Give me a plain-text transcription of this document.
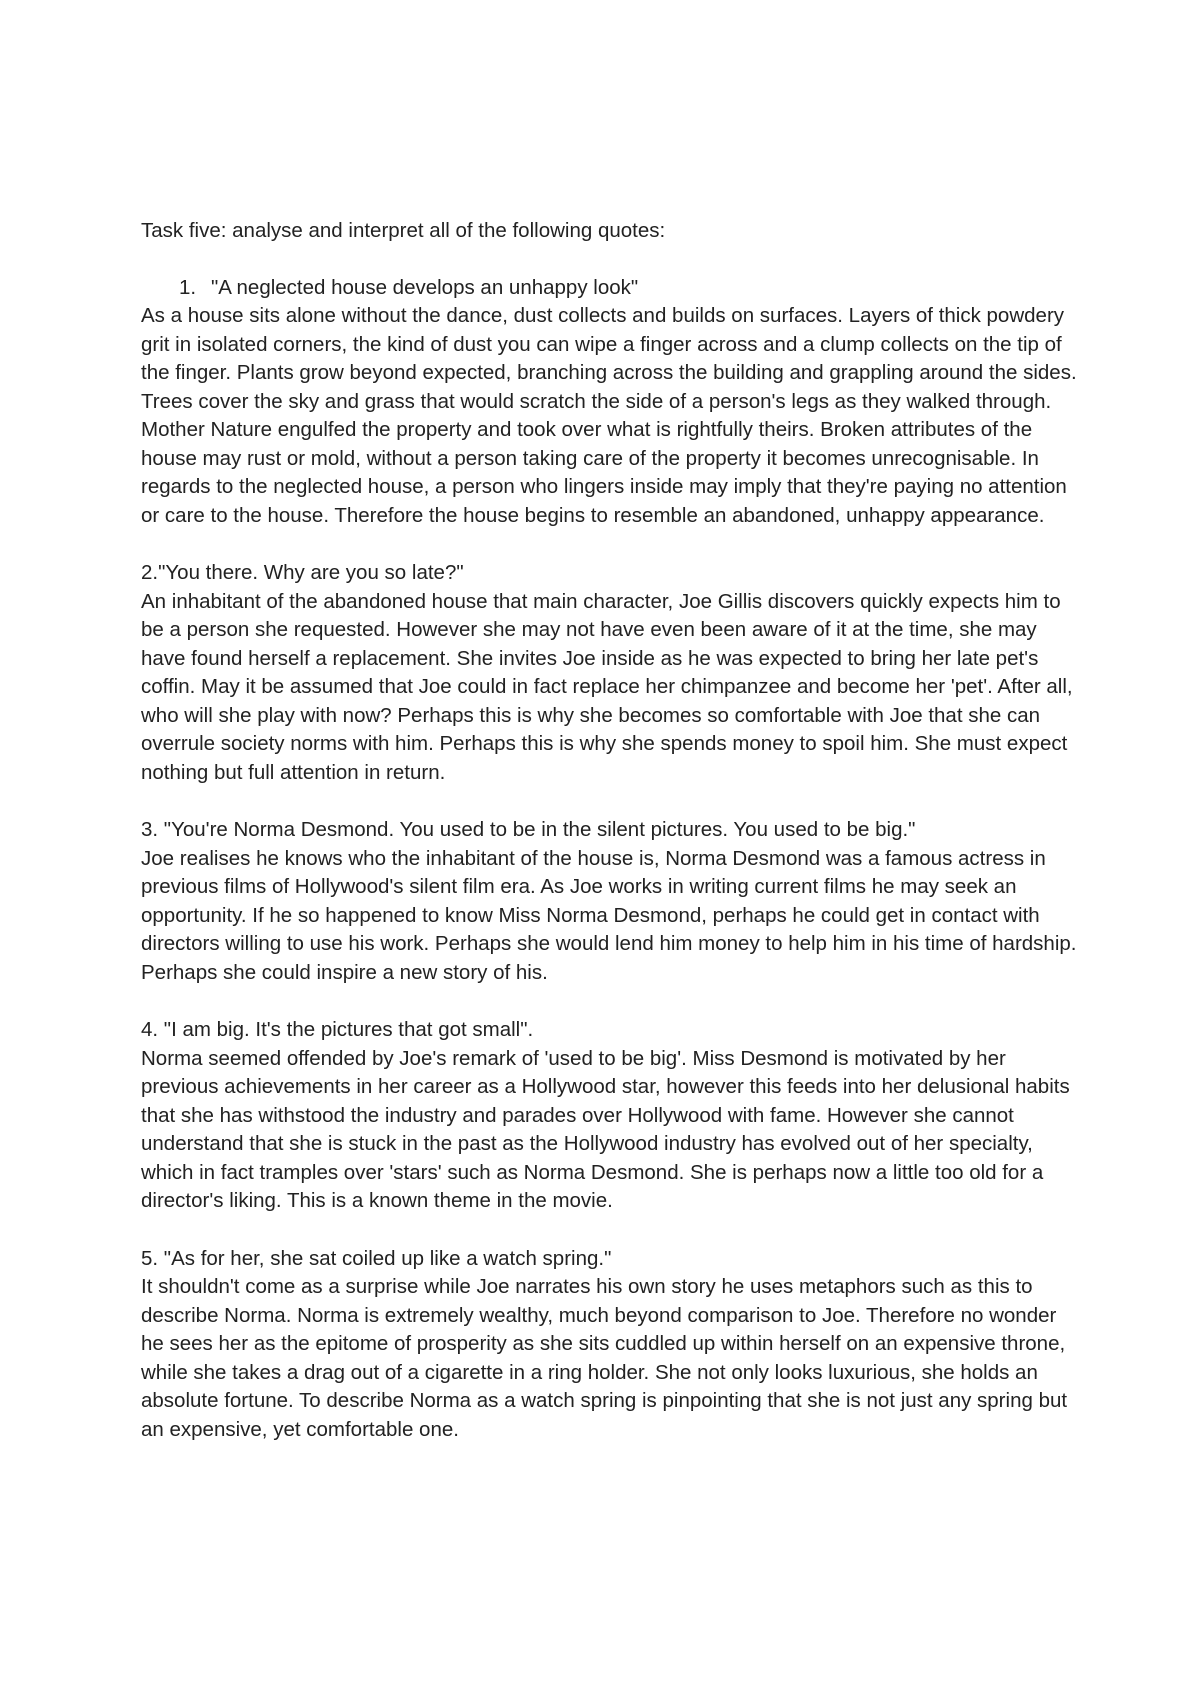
Task five: analyse and interpret all of the following quotes:

1. "A neglected house develops an unhappy look"

As a house sits alone without the dance, dust collects and builds on surfaces. Layers of thick powdery grit in isolated corners, the kind of dust you can wipe a finger across and a clump collects on the tip of the finger. Plants grow beyond expected, branching across the building and grappling around the sides. Trees cover the sky and grass that would scratch the side of a person's legs as they walked through. Mother Nature engulfed the property and took over what is rightfully theirs. Broken attributes of the house may rust or mold, without a person taking care of the property it becomes unrecognisable. In regards to the neglected house, a person who lingers inside may imply that they're paying no attention or care to the house. Therefore the house begins to resemble an abandoned, unhappy appearance.

2."You there. Why are you so late?"

An inhabitant of the abandoned house that main character, Joe Gillis discovers quickly expects him to be a person she requested. However she may not have even been aware of it at the time, she may have found herself a replacement. She invites Joe inside as he was expected to bring her late pet's coffin. May it be assumed that Joe could in fact replace her chimpanzee and become her 'pet'. After all, who will she play with now? Perhaps this is why she becomes so comfortable with Joe that she can overrule society norms with him. Perhaps this is why she spends money to spoil him. She must expect nothing but full attention in return.

3. "You're Norma Desmond. You used to be in the silent pictures. You used to be big."

Joe realises he knows who the inhabitant of the house is, Norma Desmond was a famous actress in previous films of Hollywood's silent film era. As Joe works in writing current films he may seek an opportunity. If he so happened to know Miss Norma Desmond, perhaps he could get in contact with directors willing to use his work. Perhaps she would lend him money to help him in his time of hardship. Perhaps she could inspire a new story of his.

4. "I am big. It's the pictures that got small".

Norma seemed offended by Joe's remark of 'used to be big'. Miss Desmond is motivated by her previous achievements in her career as a Hollywood star, however this feeds into her delusional habits that she has withstood the industry and parades over Hollywood with fame. However she cannot understand that she is stuck in the past as the Hollywood industry has evolved out of her specialty, which in fact tramples over 'stars' such as Norma Desmond. She is perhaps now a little too old for a director's liking. This is a known theme in the movie.

5. "As for her, she sat coiled up like a watch spring."

It shouldn't come as a surprise while Joe narrates his own story he uses metaphors such as this to describe Norma. Norma is extremely wealthy, much beyond comparison to Joe. Therefore no wonder he sees her as the epitome of prosperity as she sits cuddled up within herself on an expensive throne, while she takes a drag out of a cigarette in a ring holder. She not only looks luxurious, she holds an absolute fortune. To describe Norma as a watch spring is pinpointing that she is not just any spring but an expensive, yet comfortable one.
